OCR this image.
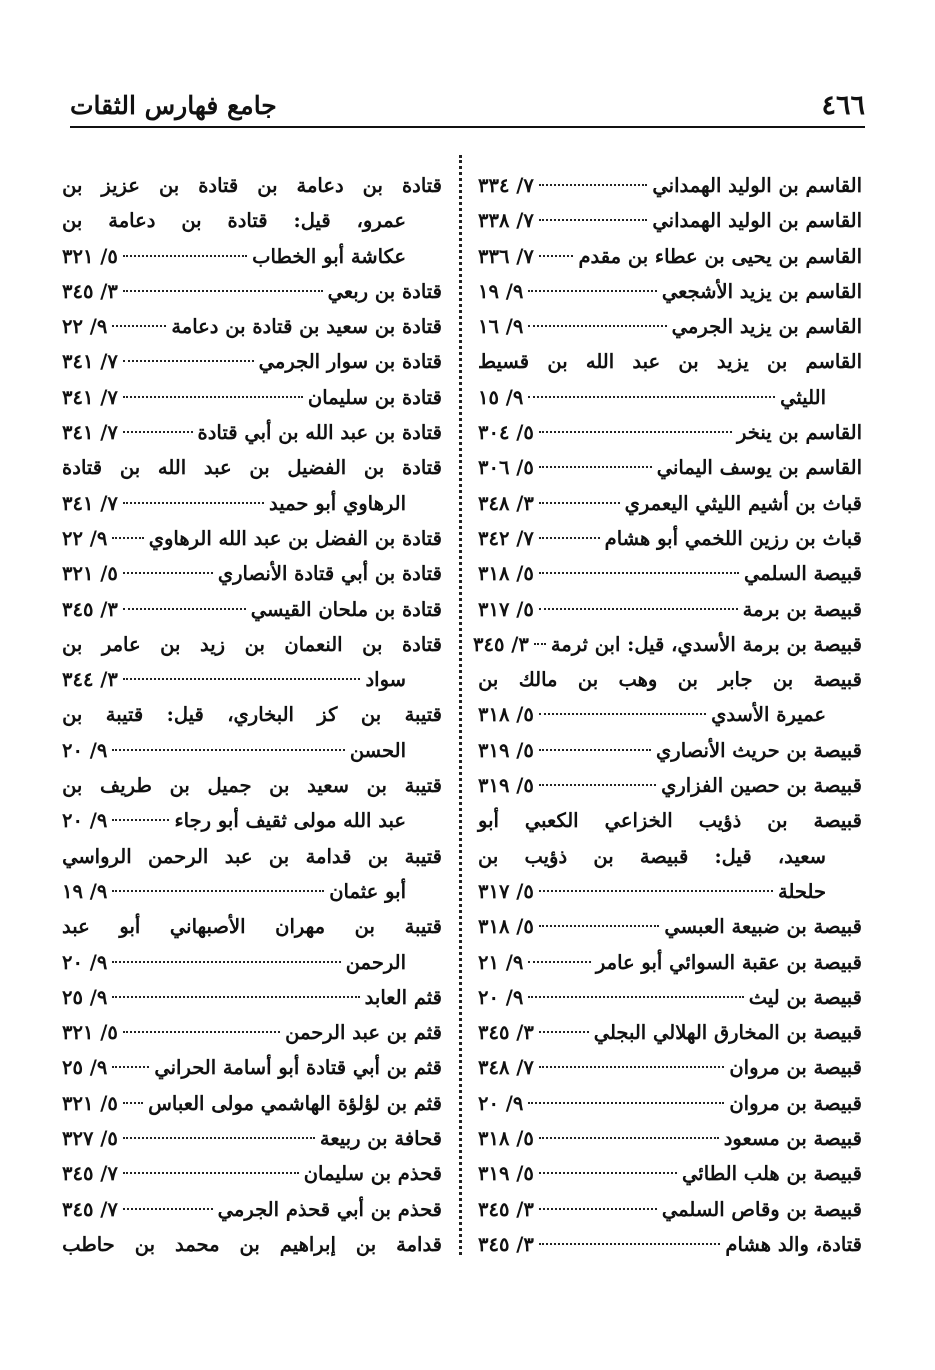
٤٦٦
جامع فهارس الثقات
القاسم بن الوليد الهمداني
٧/ ٣٣٤
القاسم بن الوليد الهمداني
٧/ ٣٣٨
القاسم بن يحيى بن عطاء بن مقدم
٧/ ٣٣٦
القاسم بن يزيد الأشجعي
٩/ ١٩
القاسم بن يزيد الجرمي
٩/ ١٦
القاسم
بن
يزيد
بن
عبد
الله
بن
قسيط
الليثي
٩/ ١٥
القاسم بن ينخر
٥/ ٣٠٤
القاسم بن يوسف اليماني
٥/ ٣٠٦
قباث بن أشيم الليثي اليعمري
٣/ ٣٤٨
قباث بن رزين اللخمي أبو هشام
٧/ ٣٤٢
قبيصة السلمي
٥/ ٣١٨
قبيصة بن برمة
٥/ ٣١٧
قبيصة بن برمة الأسدي، قيل: ابن ثرمة
٣/ ٣٤٥
قبيصة
بن
جابر
بن
وهب
بن
مالك
بن
عميرة الأسدي
٥/ ٣١٨
قبيصة بن حريث الأنصاري
٥/ ٣١٩
قبيصة بن حصين الفزاري
٥/ ٣١٩
قبيصة
بن
ذؤيب
الخزاعي
الكعبي
أبو
سعيد،
قيل:
قبيصة
بن
ذؤيب
بن
حلحلة
٥/ ٣١٧
قبيصة بن ضبيعة العبسي
٥/ ٣١٨
قبيصة بن عقبة السوائي أبو عامر
٩/ ٢١
قبيصة بن ليث
٩/ ٢٠
قبيصة بن المخارق الهلالي البجلي
٣/ ٣٤٥
قبيصة بن مروان
٧/ ٣٤٨
قبيصة بن مروان
٩/ ٢٠
قبيصة بن مسعود
٥/ ٣١٨
قبيصة بن هلب الطائي
٥/ ٣١٩
قبيصة بن وقاص السلمي
٣/ ٣٤٥
قتادة، والد هشام
٣/ ٣٤٥
قتادة
بن
دعامة
بن
قتادة
بن
عزيز
بن
عمرو،
قيل:
قتادة
بن
دعامة
بن
عكاشة أبو الخطاب
٥/ ٣٢١
قتادة بن ربعي
٣/ ٣٤٥
قتادة بن سعيد بن قتادة بن دعامة
٩/ ٢٢
قتادة بن سوار الجرمي
٧/ ٣٤١
قتادة بن سليمان
٧/ ٣٤١
قتادة بن عبد الله بن أبي قتادة
٧/ ٣٤١
قتادة
بن
الفضيل
بن
عبد
الله
بن
قتادة
الرهاوي أبو حميد
٧/ ٣٤١
قتادة بن الفضل بن عبد الله الرهاوي
٩/ ٢٢
قتادة بن أبي قتادة الأنصاري
٥/ ٣٢١
قتادة بن ملحان القيسي
٣/ ٣٤٥
قتادة
بن
النعمان
بن
زيد
بن
عامر
بن
سواد
٣/ ٣٤٤
قتيبة
بن
كز
البخاري،
قيل:
قتيبة
بن
الحسن
٩/ ٢٠
قتيبة
بن
سعيد
بن
جميل
بن
طريف
بن
عبد الله مولى ثقيف أبو رجاء
٩/ ٢٠
قتيبة
بن
قدامة
بن
عبد
الرحمن
الرواسي
أبو عثمان
٩/ ١٩
قتيبة
بن
مهران
الأصبهاني
أبو
عبد
الرحمن
٩/ ٢٠
قثم العابد
٩/ ٢٥
قثم بن عبد الرحمن
٥/ ٣٢١
قثم بن أبي قتادة أبو أسامة الحراني
٩/ ٢٥
قثم بن لؤلؤة الهاشمي مولى العباس
٥/ ٣٢١
قحافة بن ربيعة
٥/ ٣٢٧
قحذم بن سليمان
٧/ ٣٤٥
قحذم بن أبي قحذم الجرمي
٧/ ٣٤٥
قدامة
بن
إبراهيم
بن
محمد
بن
حاطب
